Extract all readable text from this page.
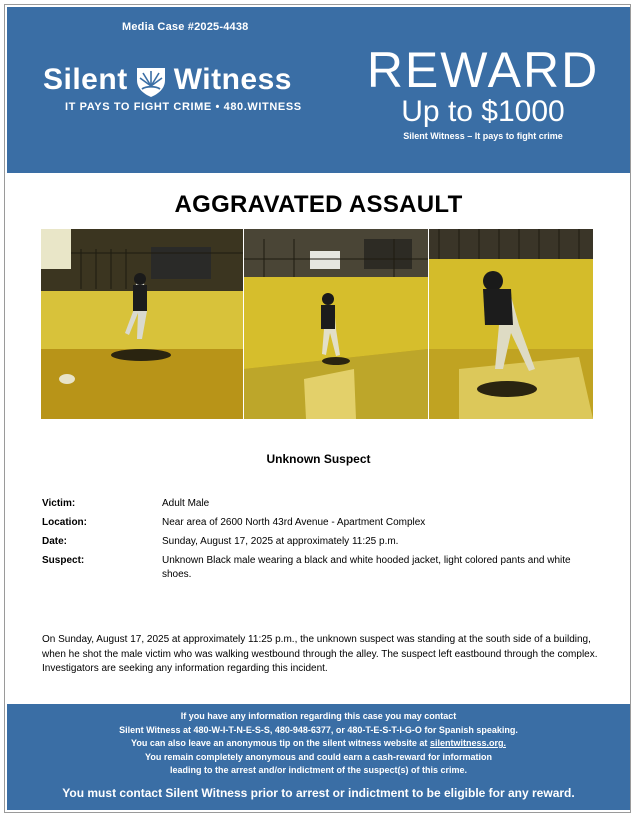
Media Case #2025-4438
Silent Witness
IT PAYS TO FIGHT CRIME • 480.WITNESS
REWARD
Up to $1000
Silent Witness – It pays to fight crime
AGGRAVATED ASSAULT
Unknown Suspect
Victim:	Adult Male
Location:	Near area of 2600 North 43rd Avenue - Apartment Complex
Date:	Sunday, August 17, 2025 at approximately 11:25 p.m.
Suspect:	Unknown Black male wearing a black and white hooded jacket, light colored pants and white shoes.
On Sunday, August 17, 2025 at approximately 11:25 p.m., the unknown suspect was standing at the south side of a building, when he shot the male victim who was walking westbound through the alley. The suspect left eastbound through the complex. Investigators are seeking any information regarding this incident.
If you have any information regarding this case you may contact
Silent Witness at 480-W-I-T-N-E-S-S, 480-948-6377, or 480-T-E-S-T-I-G-O for Spanish speaking.
You can also leave an anonymous tip on the silent witness website at silentwitness.org.
You remain completely anonymous and could earn a cash-reward for information
leading to the arrest and/or indictment of the suspect(s) of this crime.
You must contact Silent Witness prior to arrest or indictment to be eligible for any reward.
